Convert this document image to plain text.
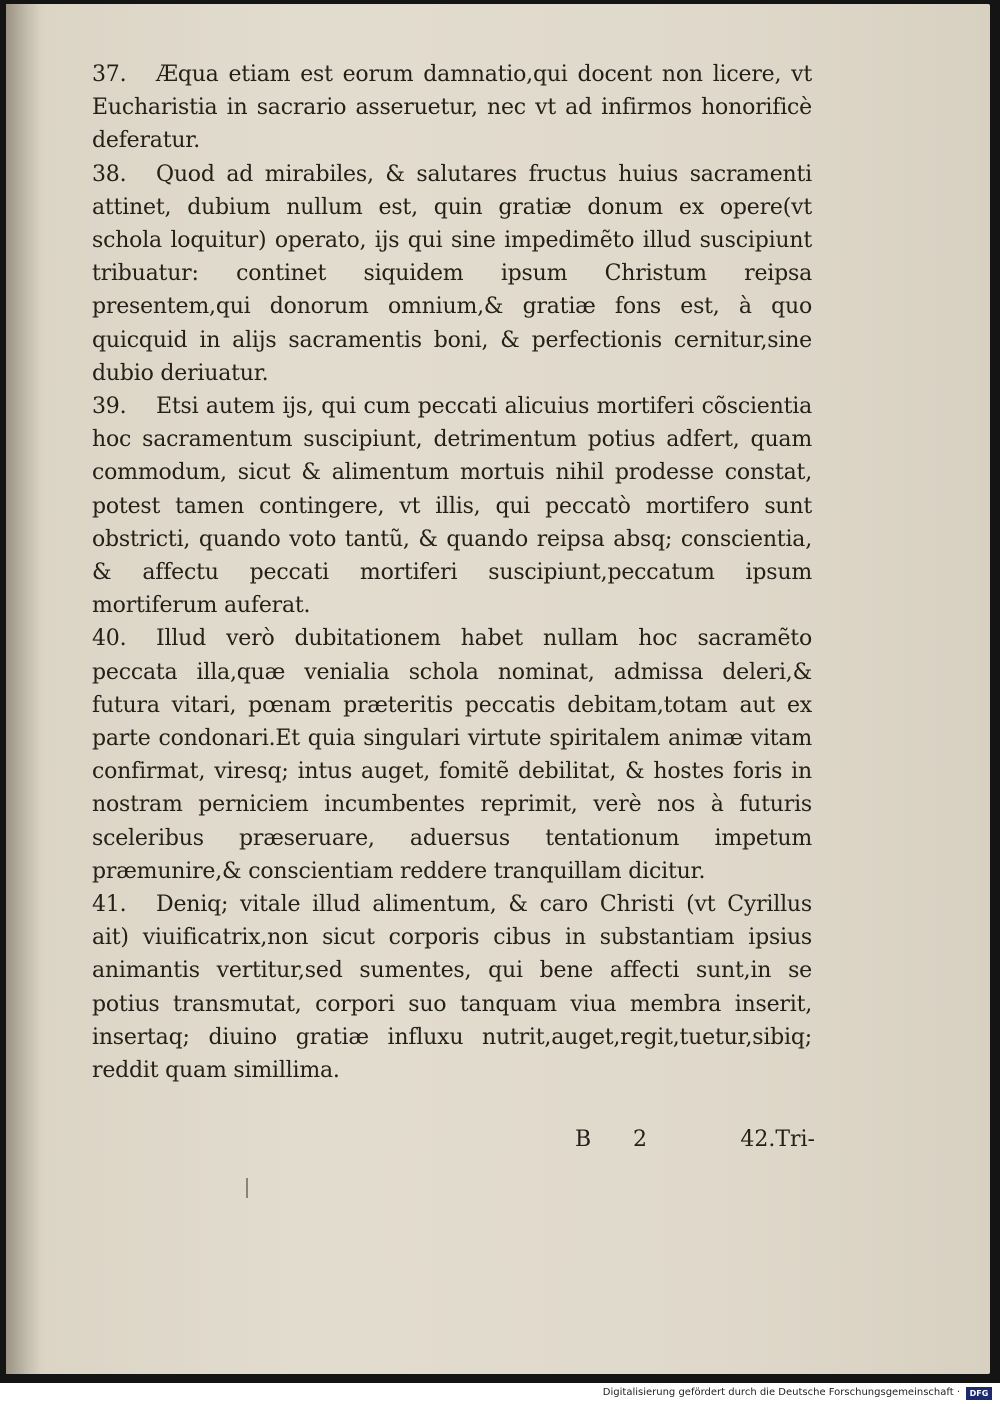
37. Æqua etiam est eorum damnatio,qui docent non licere, vt Eucharistia in sacrario asseruetur, nec vt ad infirmos honorificè deferatur.

38. Quod ad mirabiles, & salutares fructus huius sacramenti attinet, dubium nullum est, quin gratiæ donum ex opere(vt schola loquitur) operato, ijs qui sine impedimẽto illud suscipiunt tribuatur: continet siquidem ipsum Christum reipsa presentem,qui donorum omnium,& gratiæ fons est, à quo quicquid in alijs sacramentis boni, & perfectionis cernitur,sine dubio deriuatur.

39. Etsi autem ijs, qui cum peccati alicuius mortiferi cõscientia hoc sacramentum suscipiunt, detrimentum potius adfert, quam commodum, sicut & alimentum mortuis nihil prodesse constat, potest tamen contingere, vt illis, qui peccatò mortifero sunt obstricti, quando voto tantũ, & quando reipsa absq; conscientia, & affectu peccati mortiferi suscipiunt,peccatum ipsum mortiferum auferat.

40. Illud verò dubitationem habet nullam hoc sacramẽto peccata illa,quæ venialia schola nominat, admissa deleri,& futura vitari, pœnam præteritis peccatis debitam,totam aut ex parte condonari.Et quia singulari virtute spiritalem animæ vitam confirmat, viresq; intus auget, fomitẽ debilitat, & hostes foris in nostram perniciem incumbentes reprimit, verè nos à futuris sceleribus præseruare, aduersus tentationum impetum præmunire,& conscientiam reddere tranquillam dicitur.

41. Deniq; vitale illud alimentum, & caro Christi (vt Cyrillus ait) viuificatrix,non sicut corporis cibus in substantiam ipsius animantis vertitur,sed sumentes, qui bene affecti sunt,in se potius transmutat, corpori suo tanquam viua membra inserit, insertaq; diuino gratiæ influxu nutrit,auget,regit,tuetur,sibiq; reddit quam simillima.

B 2	42.Tri-
Digitalisierung gefördert durch die Deutsche Forschungsgemeinschaft ·	DFG
